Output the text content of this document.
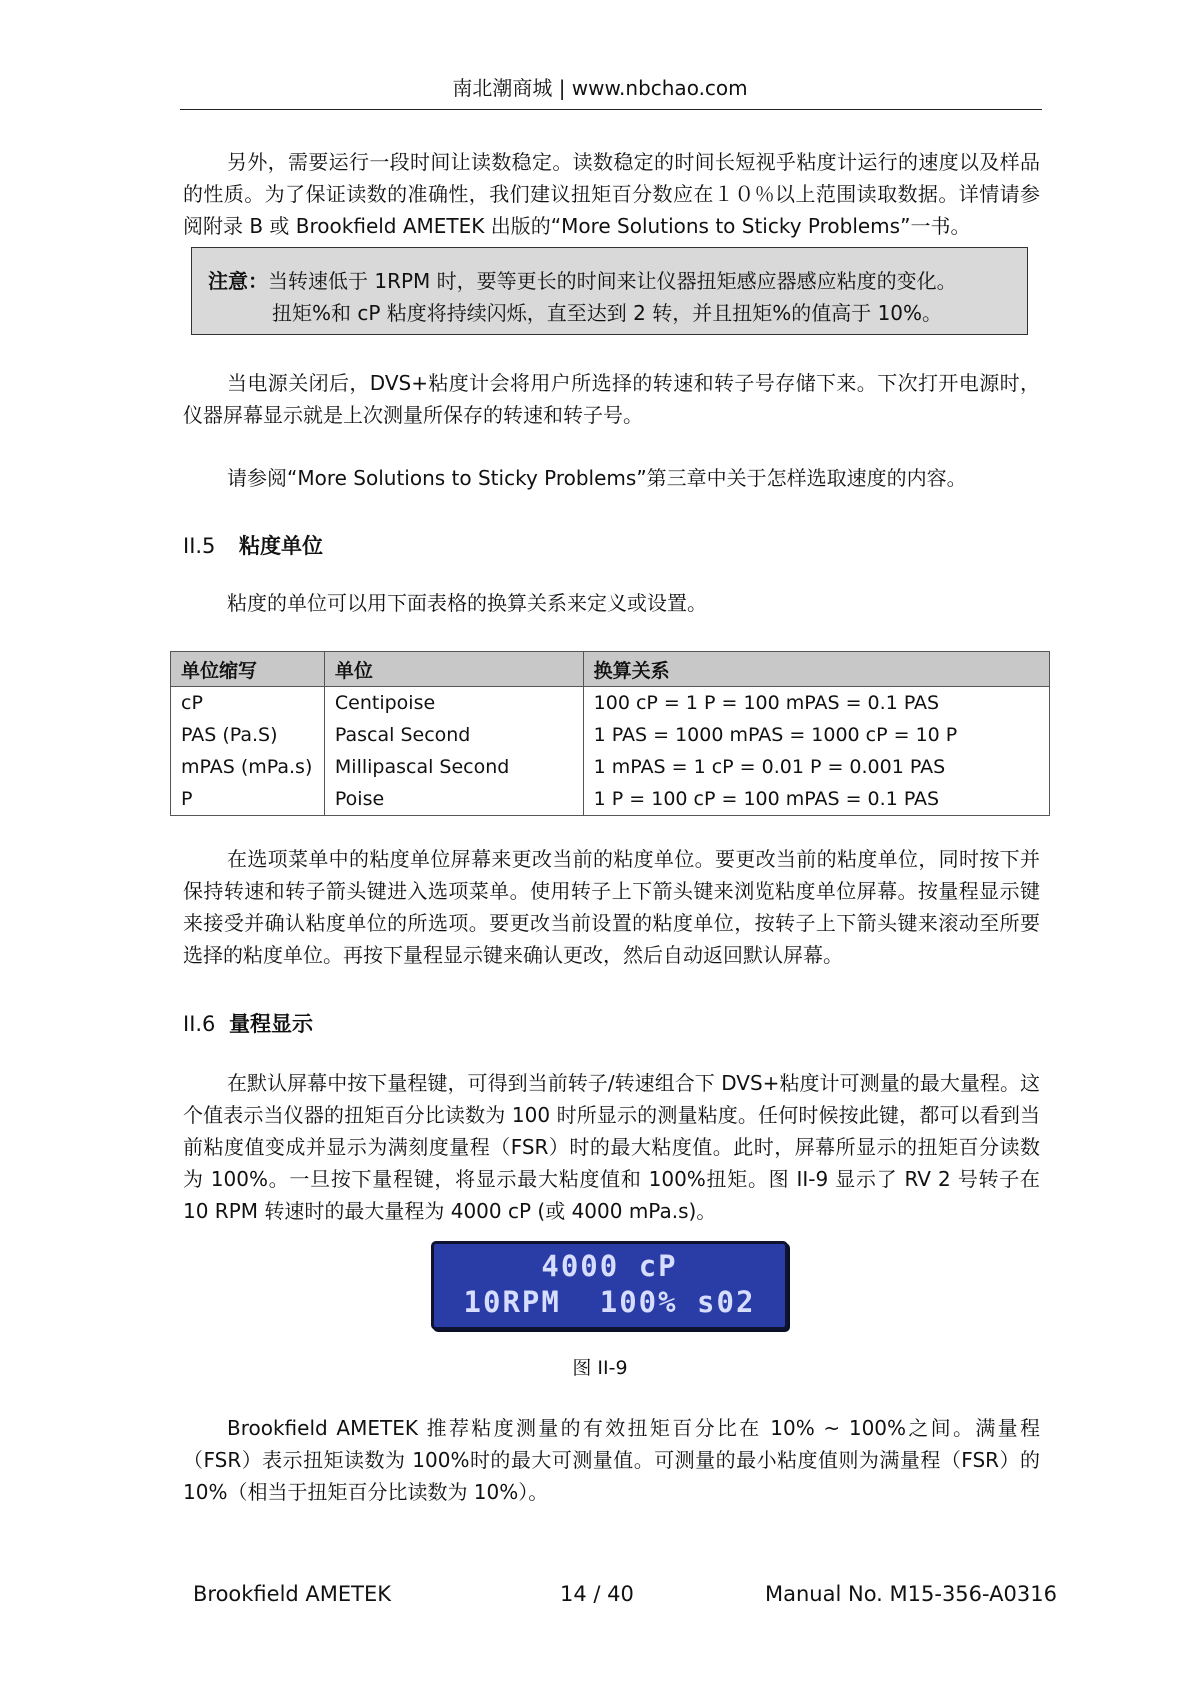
南北潮商城 | www.nbchao.com

另外，需要运行一段时间让读数稳定。读数稳定的时间长短视乎粘度计运行的速度以及样品的性质。为了保证读数的准确性，我们建议扭矩百分数应在１０％以上范围读取数据。详情请参阅附录 B 或 Brookfield AMETEK 出版的“More Solutions to Sticky Problems”一书。

注意：当转速低于 1RPM 时，要等更长的时间来让仪器扭矩感应器感应粘度的变化。
扭矩%和 cP 粘度将持续闪烁，直至达到 2 转，并且扭矩%的值高于 10%。

当电源关闭后，DVS+粘度计会将用户所选择的转速和转子号存储下来。下次打开电源时，仪器屏幕显示就是上次测量所保存的转速和转子号。

请参阅“More Solutions to Sticky Problems”第三章中关于怎样选取速度的内容。

II.5 粘度单位

粘度的单位可以用下面表格的换算关系来定义或设置。

单位缩写	单位	换算关系
cP	Centipoise	100 cP = 1 P = 100 mPAS = 0.1 PAS
PAS (Pa.S)	Pascal Second	1 PAS = 1000 mPAS = 1000 cP = 10 P
mPAS (mPa.s)	Millipascal Second	1 mPAS = 1 cP = 0.01 P = 0.001 PAS
P	Poise	1 P = 100 cP = 100 mPAS = 0.1 PAS

在选项菜单中的粘度单位屏幕来更改当前的粘度单位。要更改当前的粘度单位，同时按下并保持转速和转子箭头键进入选项菜单。使用转子上下箭头键来浏览粘度单位屏幕。按量程显示键来接受并确认粘度单位的所选项。要更改当前设置的粘度单位，按转子上下箭头键来滚动至所要选择的粘度单位。再按下量程显示键来确认更改，然后自动返回默认屏幕。

II.6 量程显示

在默认屏幕中按下量程键，可得到当前转子/转速组合下 DVS+粘度计可测量的最大量程。这个值表示当仪器的扭矩百分比读数为 100 时所显示的测量粘度。任何时候按此键，都可以看到当前粘度值变成并显示为满刻度量程（FSR）时的最大粘度值。此时，屏幕所显示的扭矩百分读数为 100%。一旦按下量程键，将显示最大粘度值和 100%扭矩。图 II-9 显示了 RV 2 号转子在 10 RPM 转速时的最大量程为 4000 cP (或 4000 mPa.s)。

4000 cP
10RPM  100% s02
图 II-9

Brookfield AMETEK 推荐粘度测量的有效扭矩百分比在 10% ~ 100%之间。满量程（FSR）表示扭矩读数为 100%时的最大可测量值。可测量的最小粘度值则为满量程（FSR）的 10%（相当于扭矩百分比读数为 10%）。

Brookfield AMETEK	14 / 40	Manual No. M15-356-A0316
